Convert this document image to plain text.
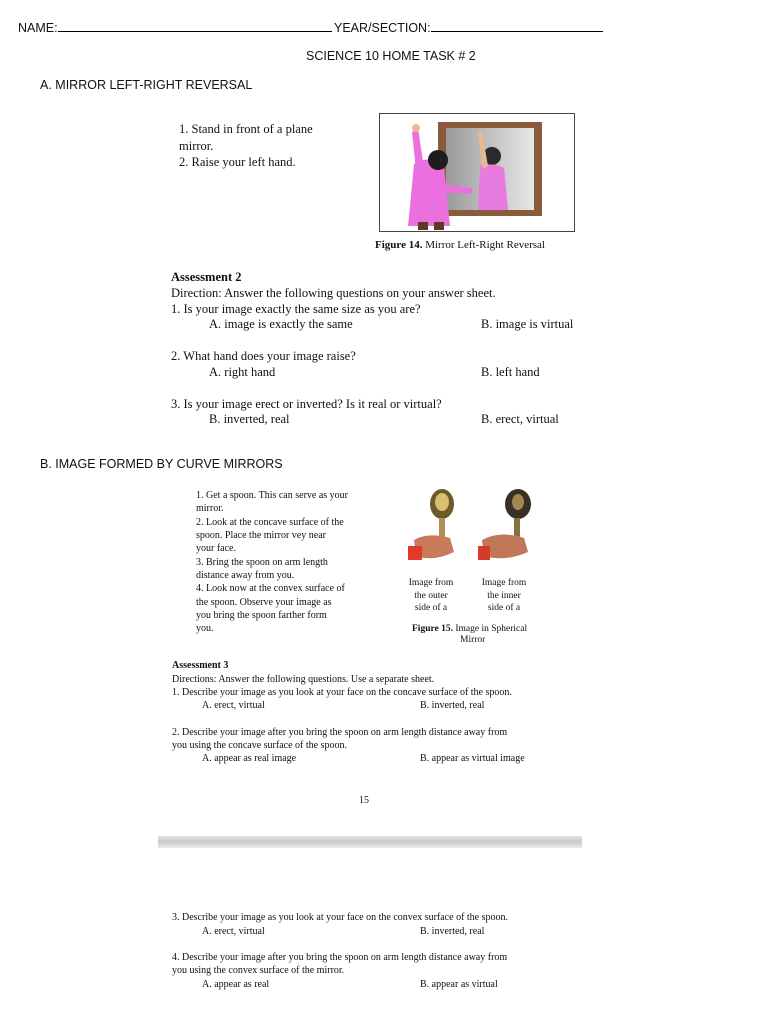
NAME:	YEAR/SECTION:
SCIENCE 10 HOME TASK # 2
A. MIRROR LEFT-RIGHT REVERSAL
1. Stand in front of a plane
mirror.
2. Raise your left hand.
Figure 14. Mirror Left-Right Reversal
Assessment 2
Direction: Answer the following questions on your answer sheet.
1. Is your image exactly the same size as you are?
A. image is exactly the same	B. image is virtual
2. What hand does your image raise?
A. right hand	B. left hand
3. Is your image erect or inverted? Is it real or virtual?
B. inverted, real	B. erect, virtual
B. IMAGE FORMED BY CURVE MIRRORS
1. Get a spoon. This can serve as your
mirror.
2. Look at the concave surface of the
spoon. Place the mirror vey near
your face.
3. Bring the spoon on arm length
distance away from you.
4. Look now at the convex surface of
the spoon. Observe your image as
you bring the spoon farther form
you.
Image from
the outer
side of a
Image from
the inner
side of a
Figure 15. Image in Spherical
Mirror
Assessment 3
Directions: Answer the following questions. Use a separate sheet.
1. Describe your image as you look at your face on the concave surface of the spoon.
A. erect, virtual	B. inverted, real
2. Describe your image after you bring the spoon on arm length distance away from
you using the concave surface of the spoon.
A. appear as real image	B. appear as virtual image
15
3. Describe your image as you look at your face on the convex surface of the spoon.
A. erect, virtual	B. inverted, real
4. Describe your image after you bring the spoon on arm length distance away from
you using the convex surface of the mirror.
A. appear as real	B. appear as virtual
